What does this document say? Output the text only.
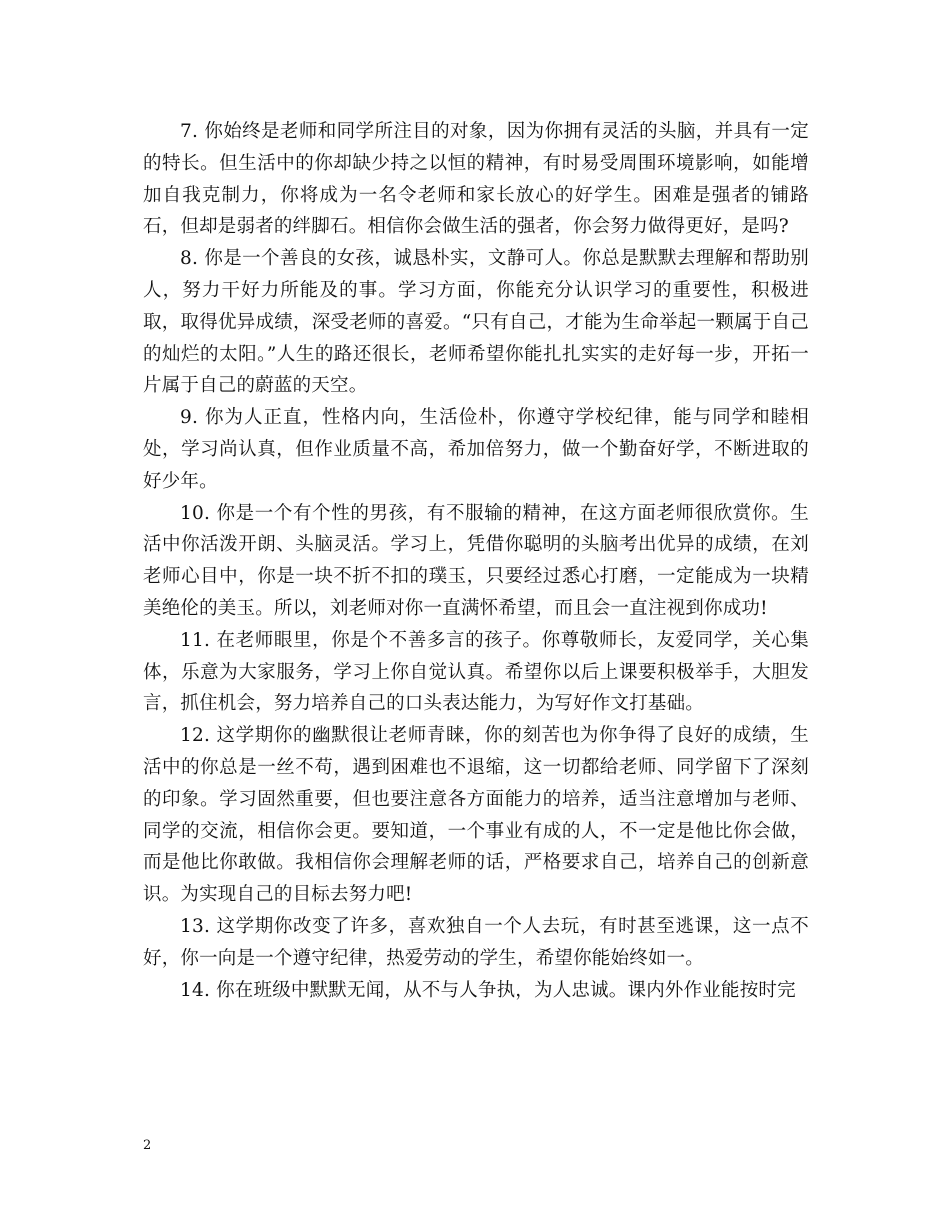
7. 你始终是老师和同学所注目的对象，因为你拥有灵活的头脑，并具有一定的特长。但生活中的你却缺少持之以恒的精神，有时易受周围环境影响，如能增加自我克制力，你将成为一名令老师和家长放心的好学生。困难是强者的铺路石，但却是弱者的绊脚石。相信你会做生活的强者，你会努力做得更好，是吗?

8. 你是一个善良的女孩，诚恳朴实，文静可人。你总是默默去理解和帮助别人，努力干好力所能及的事。学习方面，你能充分认识学习的重要性，积极进取，取得优异成绩，深受老师的喜爱。“只有自己，才能为生命举起一颗属于自己的灿烂的太阳。”人生的路还很长，老师希望你能扎扎实实的走好每一步，开拓一片属于自己的蔚蓝的天空。

9. 你为人正直，性格内向，生活俭朴，你遵守学校纪律，能与同学和睦相处，学习尚认真，但作业质量不高，希加倍努力，做一个勤奋好学，不断进取的好少年。

10. 你是一个有个性的男孩，有不服输的精神，在这方面老师很欣赏你。生活中你活泼开朗、头脑灵活。学习上，凭借你聪明的头脑考出优异的成绩，在刘老师心目中，你是一块不折不扣的璞玉，只要经过悉心打磨，一定能成为一块精美绝伦的美玉。所以，刘老师对你一直满怀希望，而且会一直注视到你成功!

11. 在老师眼里，你是个不善多言的孩子。你尊敬师长，友爱同学，关心集体，乐意为大家服务，学习上你自觉认真。希望你以后上课要积极举手，大胆发言，抓住机会，努力培养自己的口头表达能力，为写好作文打基础。

12. 这学期你的幽默很让老师青睐，你的刻苦也为你争得了良好的成绩，生活中的你总是一丝不苟，遇到困难也不退缩，这一切都给老师、同学留下了深刻的印象。学习固然重要，但也要注意各方面能力的培养，适当注意增加与老师、同学的交流，相信你会更。要知道，一个事业有成的人，不一定是他比你会做，而是他比你敢做。我相信你会理解老师的话，严格要求自己，培养自己的创新意识。为实现自己的目标去努力吧!

13. 这学期你改变了许多，喜欢独自一个人去玩，有时甚至逃课，这一点不好，你一向是一个遵守纪律，热爱劳动的学生，希望你能始终如一。

14. 你在班级中默默无闻，从不与人争执，为人忠诚。课内外作业能按时完

2
